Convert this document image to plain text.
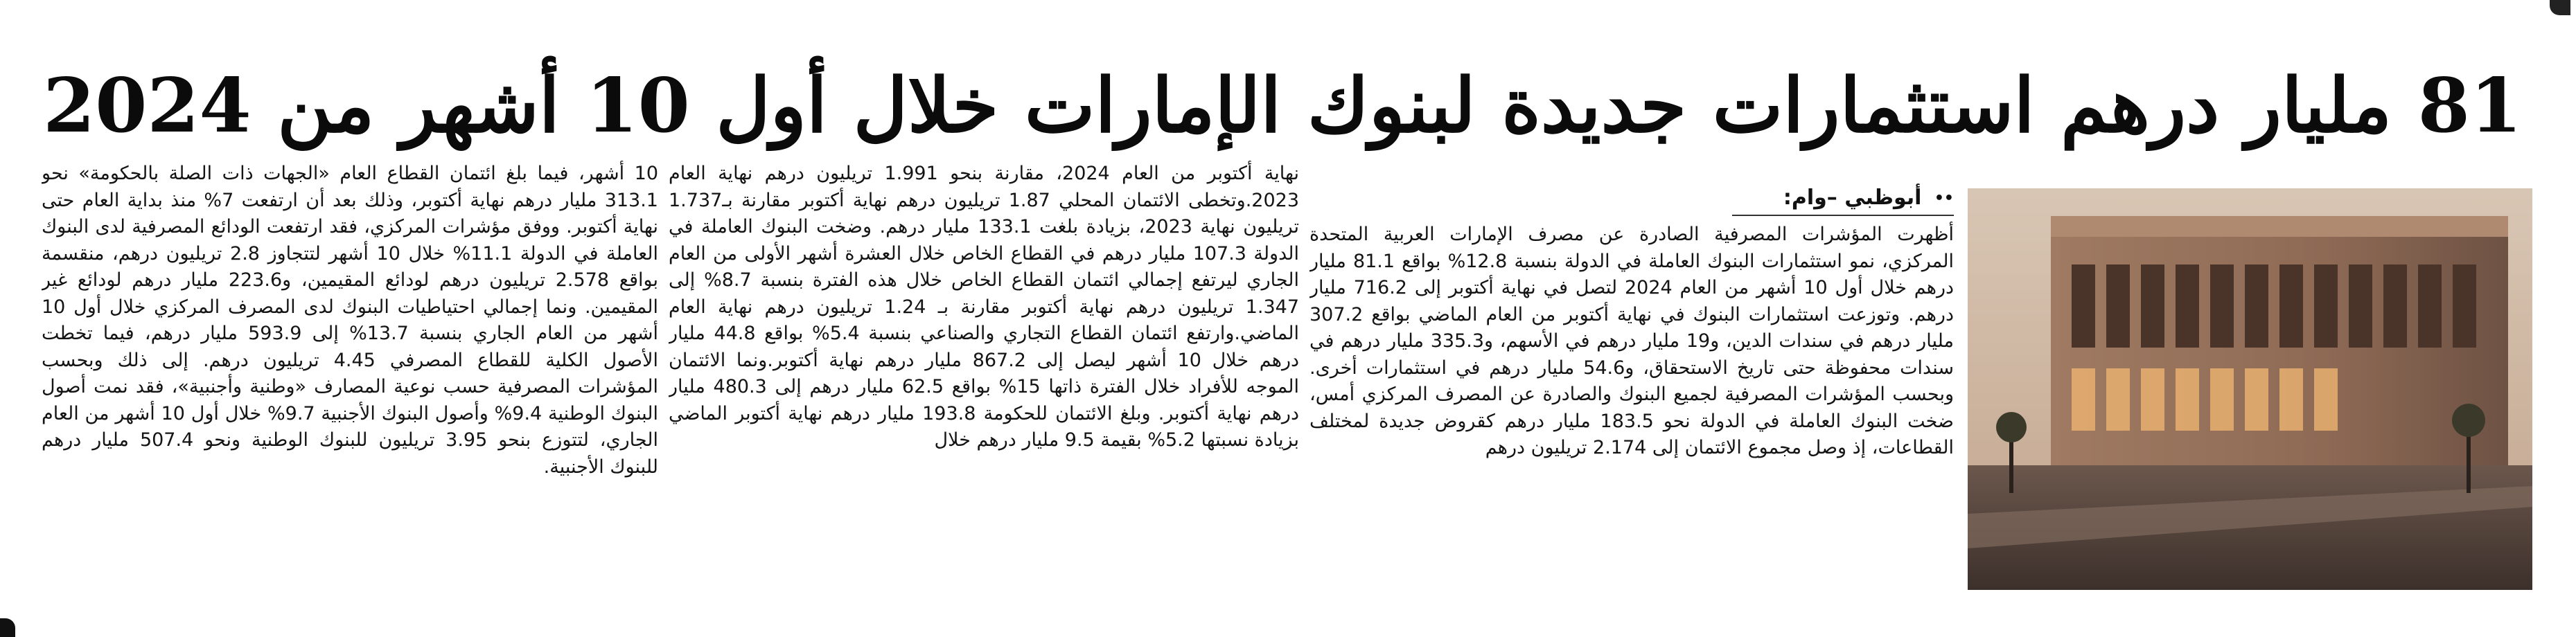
81 مليار درهم استثمارات جديدة لبنوك الإمارات خلال أول 10 أشهر من 2024
•• أبوظبي –وام:

أظهرت المؤشرات المصرفية الصادرة عن مصرف الإمارات العربية المتحدة المركزي، نمو استثمارات البنوك العاملة في الدولة بنسبة 12.8% بواقع 81.1 مليار درهم خلال أول 10 أشهر من العام 2024 لتصل في نهاية أكتوبر إلى 716.2 مليار درهم. وتوزعت استثمارات البنوك في نهاية أكتوبر من العام الماضي بواقع 307.2 مليار درهم في سندات الدين، و19 مليار درهم في الأسهم، و335.3 مليار درهم في سندات محفوظة حتى تاريخ الاستحقاق، و54.6 مليار درهم في استثمارات أخرى. وبحسب المؤشرات المصرفية لجميع البنوك والصادرة عن المصرف المركزي أمس، ضخت البنوك العاملة في الدولة نحو 183.5 مليار درهم كقروض جديدة لمختلف القطاعات، إذ وصل مجموع الائتمان إلى 2.174 تريليون درهم

نهاية أكتوبر من العام 2024، مقارنة بنحو 1.991 تريليون درهم نهاية العام 2023.وتخطى الائتمان المحلي 1.87 تريليون درهم نهاية أكتوبر مقارنة بـ1.737 تريليون نهاية 2023، بزيادة بلغت 133.1 مليار درهم. وضخت البنوك العاملة في الدولة 107.3 مليار درهم في القطاع الخاص خلال العشرة أشهر الأولى من العام الجاري ليرتفع إجمالي ائتمان القطاع الخاص خلال هذه الفترة بنسبة 8.7% إلى 1.347 تريليون درهم نهاية أكتوبر مقارنة بـ 1.24 تريليون درهم نهاية العام الماضي.وارتفع ائتمان القطاع التجاري والصناعي بنسبة 5.4% بواقع 44.8 مليار درهم خلال 10 أشهر ليصل إلى 867.2 مليار درهم نهاية أكتوبر.ونما الائتمان الموجه للأفراد خلال الفترة ذاتها 15% بواقع 62.5 مليار درهم إلى 480.3 مليار درهم نهاية أكتوبر. وبلغ الائتمان للحكومة 193.8 مليار درهم نهاية أكتوبر الماضي بزيادة نسبتها 5.2% بقيمة 9.5 مليار درهم خلال

10 أشهر، فيما بلغ ائتمان القطاع العام «الجهات ذات الصلة بالحكومة» نحو 313.1 مليار درهم نهاية أكتوبر، وذلك بعد أن ارتفعت 7% منذ بداية العام حتى نهاية أكتوبر. ووفق مؤشرات المركزي، فقد ارتفعت الودائع المصرفية لدى البنوك العاملة في الدولة 11.1% خلال 10 أشهر لتتجاوز 2.8 تريليون درهم، منقسمة بواقع 2.578 تريليون درهم لودائع المقيمين، و223.6 مليار درهم لودائع غير المقيمين. ونما إجمالي احتياطيات البنوك لدى المصرف المركزي خلال أول 10 أشهر من العام الجاري بنسبة 13.7% إلى 593.9 مليار درهم، فيما تخطت الأصول الكلية للقطاع المصرفي 4.45 تريليون درهم. إلى ذلك وبحسب المؤشرات المصرفية حسب نوعية المصارف «وطنية وأجنبية»، فقد نمت أصول البنوك الوطنية 9.4% وأصول البنوك الأجنبية 9.7% خلال أول 10 أشهر من العام الجاري، لتتوزع بنحو 3.95 تريليون للبنوك الوطنية ونحو 507.4 مليار درهم للبنوك الأجنبية.
